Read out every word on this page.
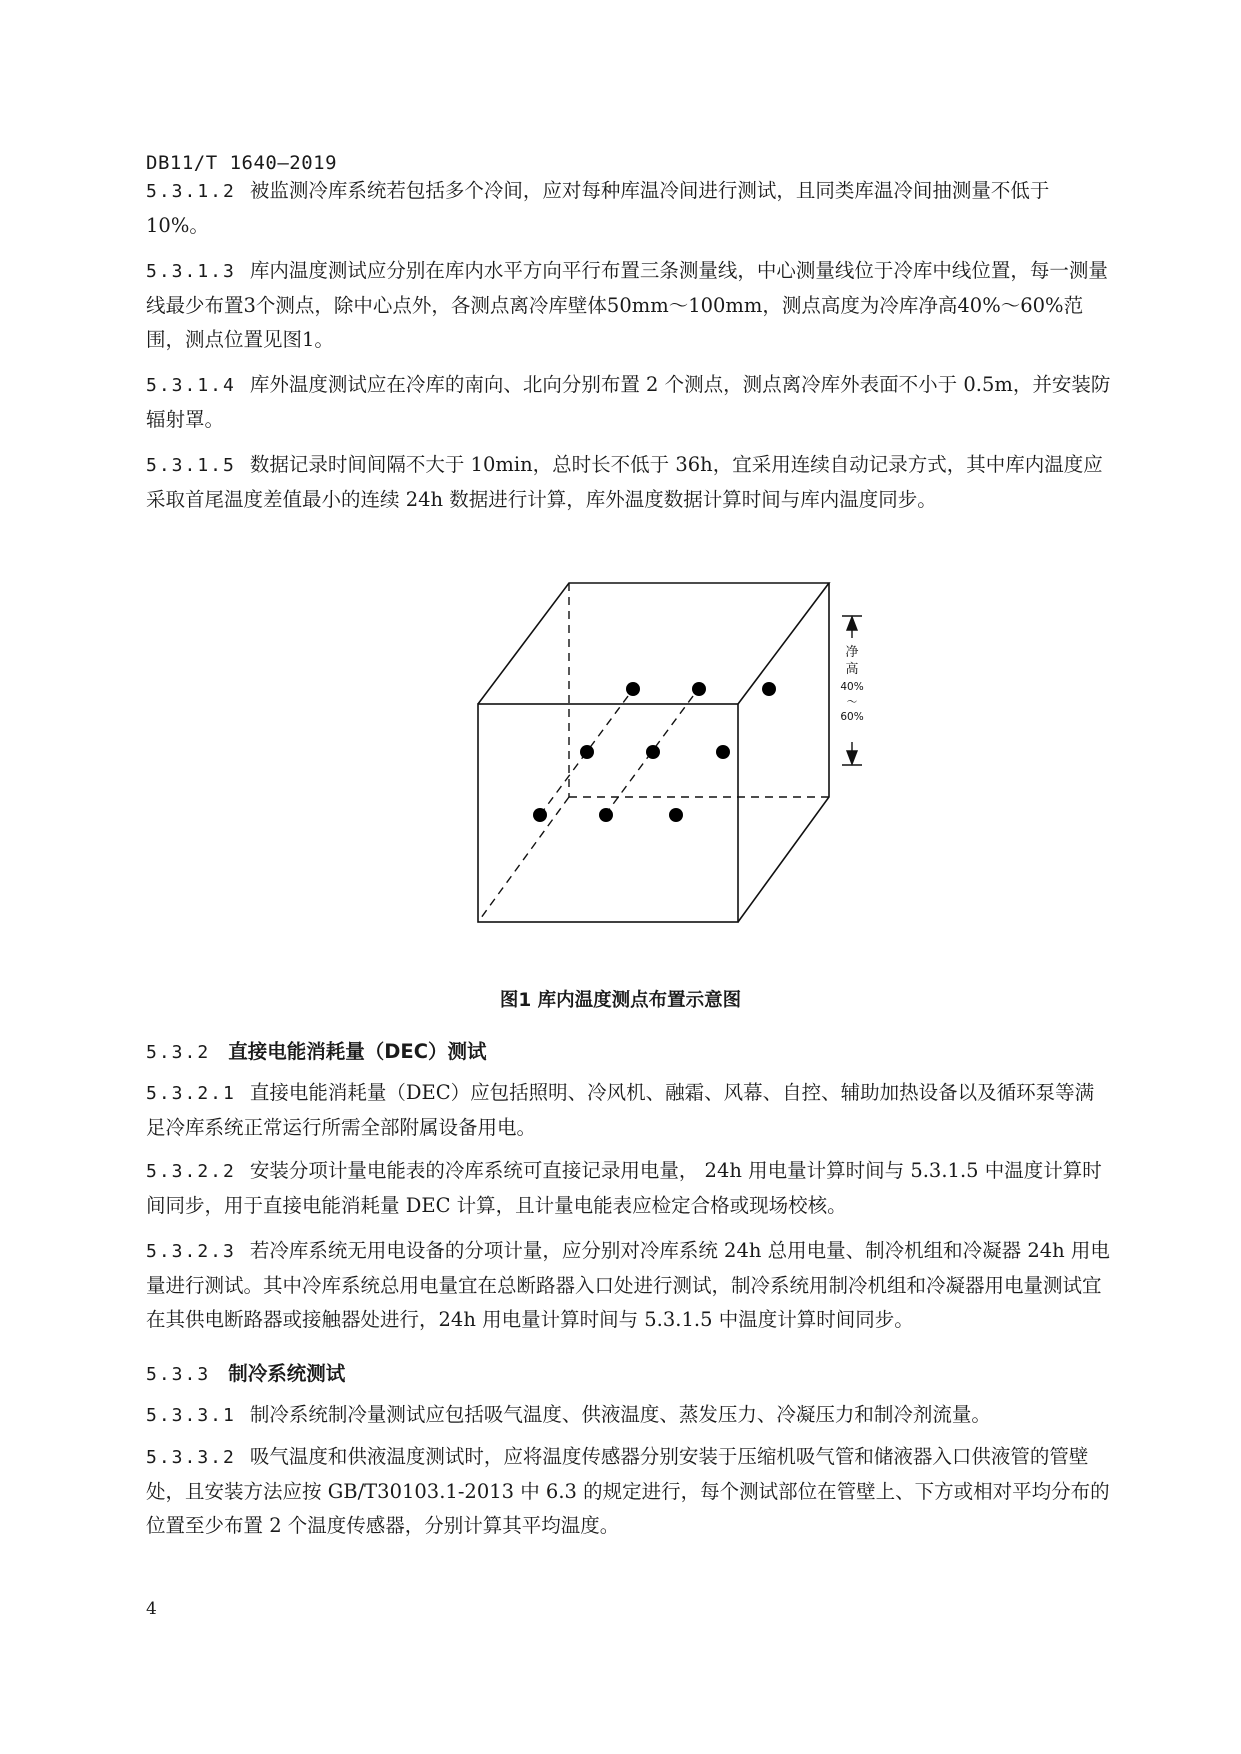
DB11/T 1640—2019
5.3.1.2 被监测冷库系统若包括多个冷间，应对每种库温冷间进行测试，且同类库温冷间抽测量不低于 10%。
5.3.1.3 库内温度测试应分别在库内水平方向平行布置三条测量线，中心测量线位于冷库中线位置，每一测量线最少布置3个测点，除中心点外，各测点离冷库壁体50mm～100mm，测点高度为冷库净高40%～60%范围，测点位置见图1。
5.3.1.4 库外温度测试应在冷库的南向、北向分别布置 2 个测点，测点离冷库外表面不小于 0.5m，并安装防辐射罩。
5.3.1.5 数据记录时间间隔不大于 10min，总时长不低于 36h，宜采用连续自动记录方式，其中库内温度应采取首尾温度差值最小的连续 24h 数据进行计算，库外温度数据计算时间与库内温度同步。
净
高
40%
～
60%
图1 库内温度测点布置示意图
5.3.2 直接电能消耗量（DEC）测试
5.3.2.1 直接电能消耗量（DEC）应包括照明、冷风机、融霜、风幕、自控、辅助加热设备以及循环泵等满足冷库系统正常运行所需全部附属设备用电。
5.3.2.2 安装分项计量电能表的冷库系统可直接记录用电量， 24h 用电量计算时间与 5.3.1.5 中温度计算时间同步，用于直接电能消耗量 DEC 计算，且计量电能表应检定合格或现场校核。
5.3.2.3 若冷库系统无用电设备的分项计量，应分别对冷库系统 24h 总用电量、制冷机组和冷凝器 24h 用电量进行测试。其中冷库系统总用电量宜在总断路器入口处进行测试，制冷系统用制冷机组和冷凝器用电量测试宜在其供电断路器或接触器处进行，24h 用电量计算时间与 5.3.1.5 中温度计算时间同步。
5.3.3 制冷系统测试
5.3.3.1 制冷系统制冷量测试应包括吸气温度、供液温度、蒸发压力、冷凝压力和制冷剂流量。
5.3.3.2 吸气温度和供液温度测试时，应将温度传感器分别安装于压缩机吸气管和储液器入口供液管的管壁处，且安装方法应按 GB/T30103.1-2013 中 6.3 的规定进行，每个测试部位在管壁上、下方或相对平均分布的位置至少布置 2 个温度传感器，分别计算其平均温度。
4
